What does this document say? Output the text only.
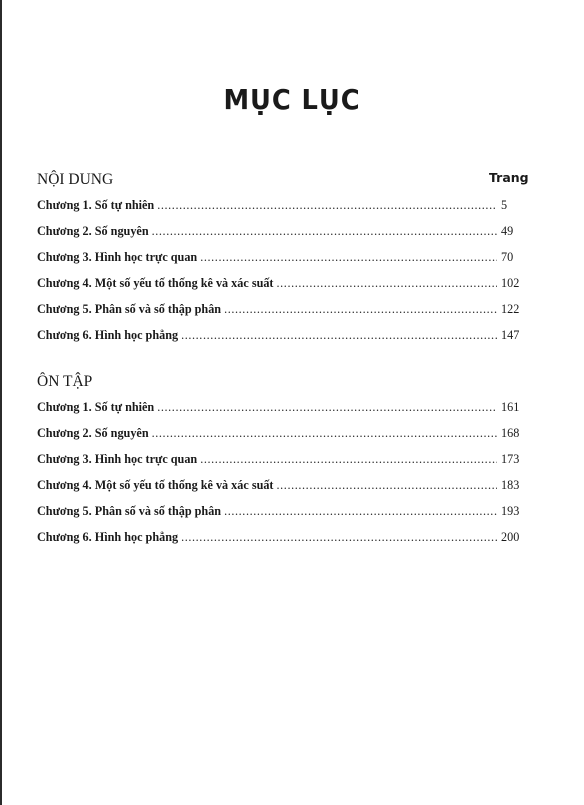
MỤC LỤC
NỘI DUNG	Trang
Chương 1. Số tự nhiên .....	5
Chương 2. Số nguyên .....	49
Chương 3. Hình học trực quan .....	70
Chương 4. Một số yếu tố thống kê và xác suất .....	102
Chương 5. Phân số và số thập phân .....	122
Chương 6. Hình học phẳng .....	147
ÔN TẬP
Chương 1. Số tự nhiên .....	161
Chương 2. Số nguyên .....	168
Chương 3. Hình học trực quan .....	173
Chương 4. Một số yếu tố thống kê và xác suất .....	183
Chương 5. Phân số và số thập phân .....	193
Chương 6. Hình học phẳng .....	200
